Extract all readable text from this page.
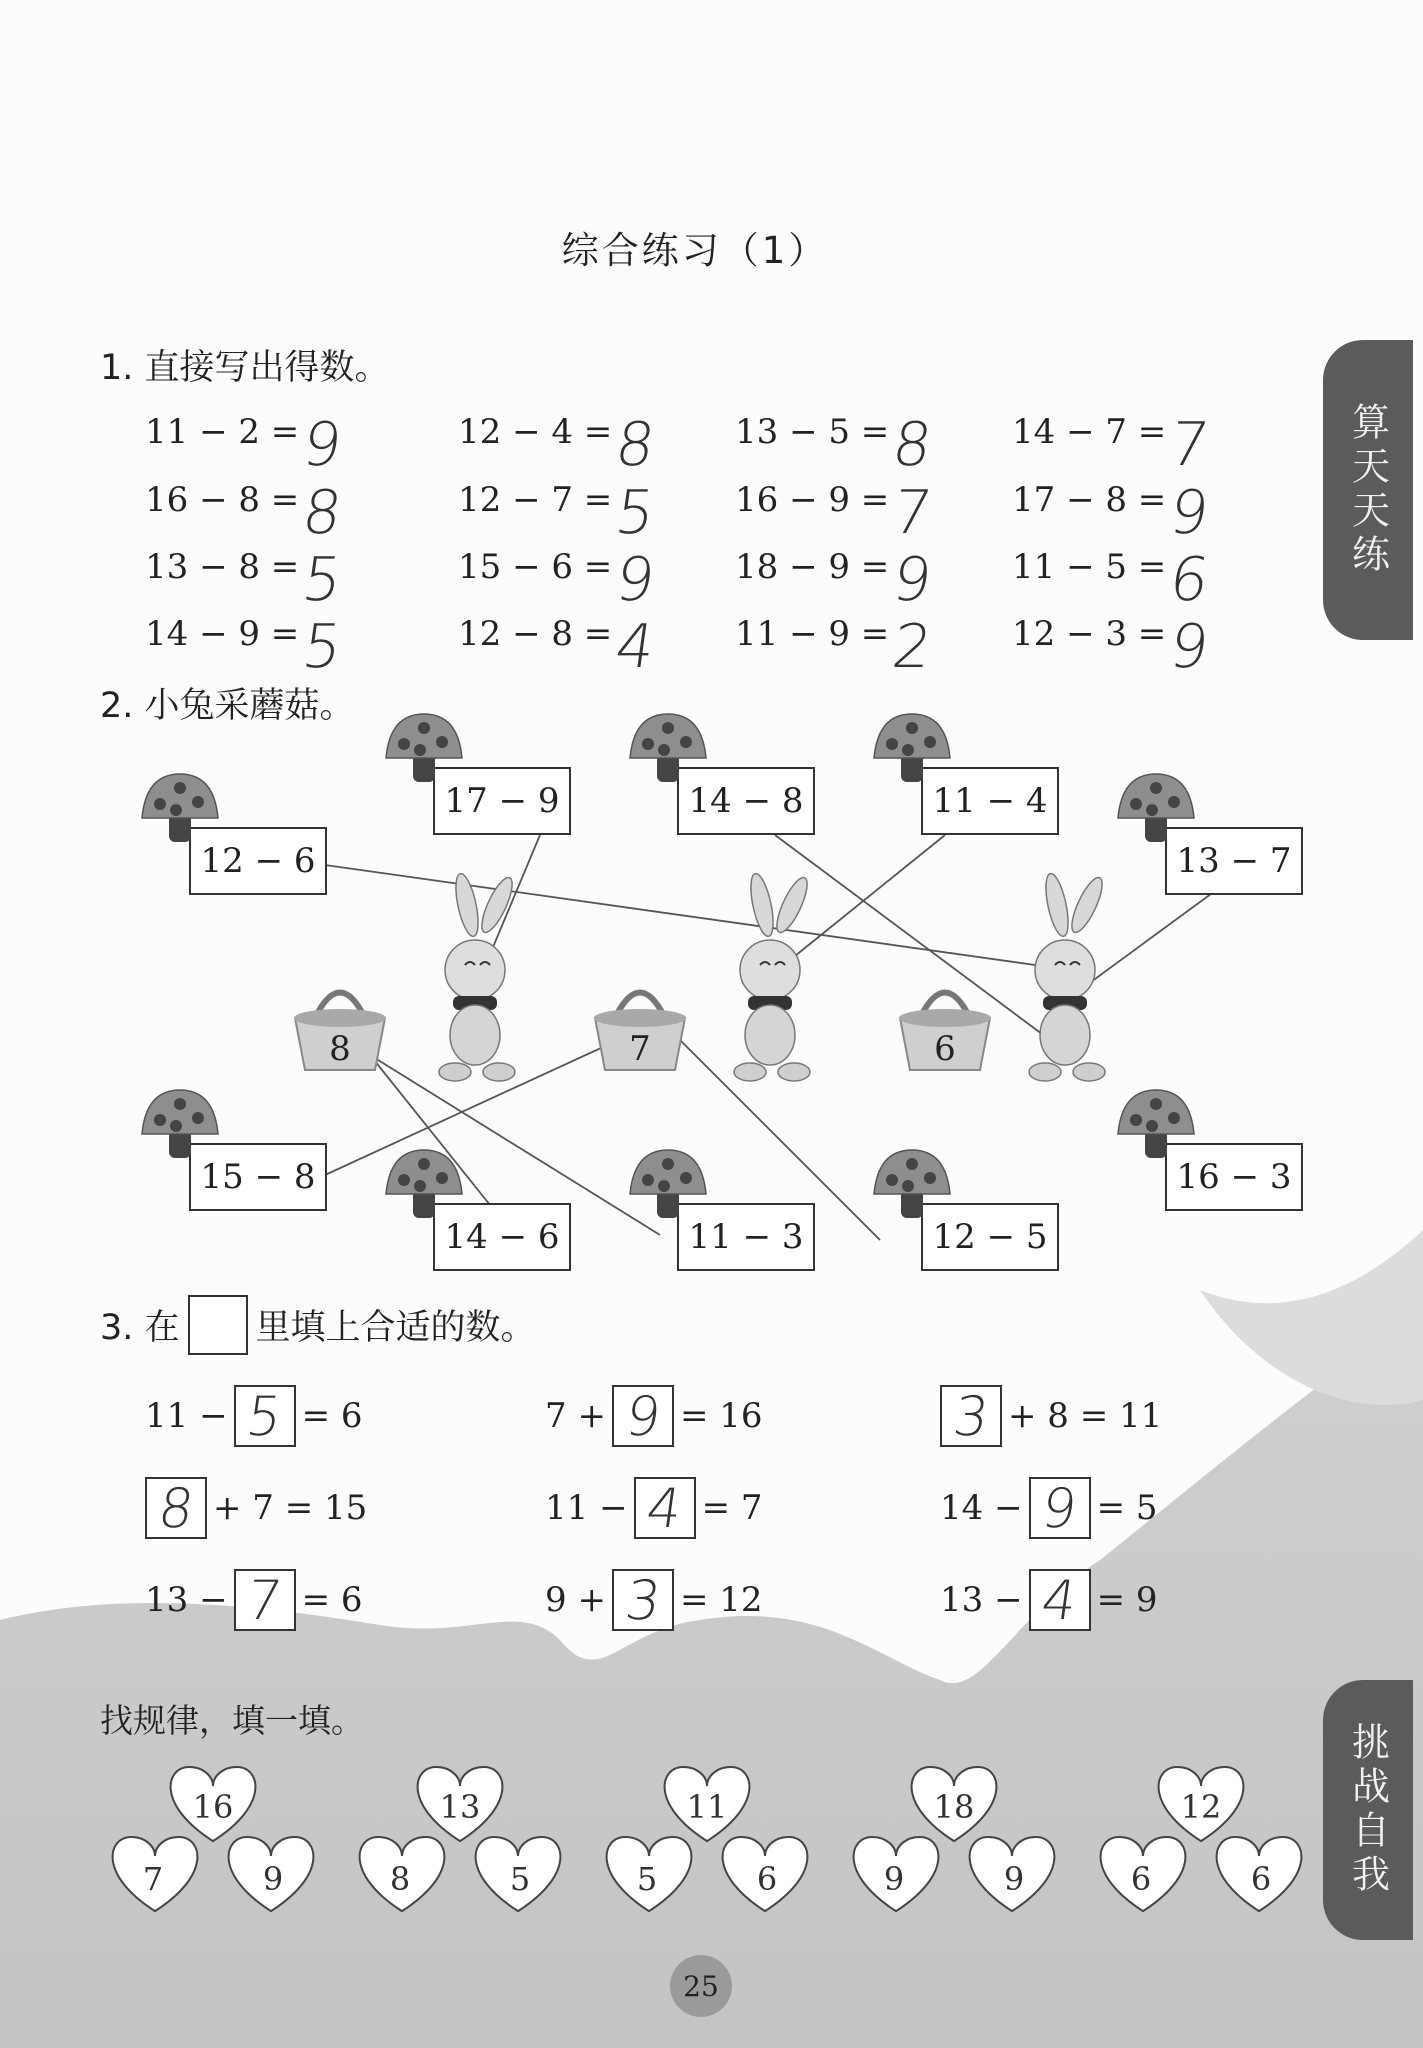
算天天练
挑战自我
综合练习（1）
1. 直接写出得数。
11 − 2 =9	12 − 4 =8 13 − 5 =8 14 − 7 =7
16 − 8 =8	12 − 7 =5 16 − 9 =7 17 − 8 =9
13 − 8 =5	15 − 6 =9 18 − 9 =9 11 − 5 =6
14 − 9 =5	12 − 8 =4 11 − 9 =2 12 − 3 =9
2. 小兔采蘑菇。
8	7	6
12 − 6
17 − 9	14 − 8	11 − 4
13 − 7
15 − 8
14 − 6	11 − 3	12 − 5
16 − 3
3. 在 里填上合适的数。
11 − 5 = 6	7 + 9 = 16	3 + 8 = 11
8 + 7 = 15	11 − 4 = 7	14 − 9 = 5
13 − 7 = 6	9 + 3 = 12	13 − 4 = 9
找规律，填一填。
16
7	9
13
8	5
11
5	6
18
9	9
12
6	6
25
